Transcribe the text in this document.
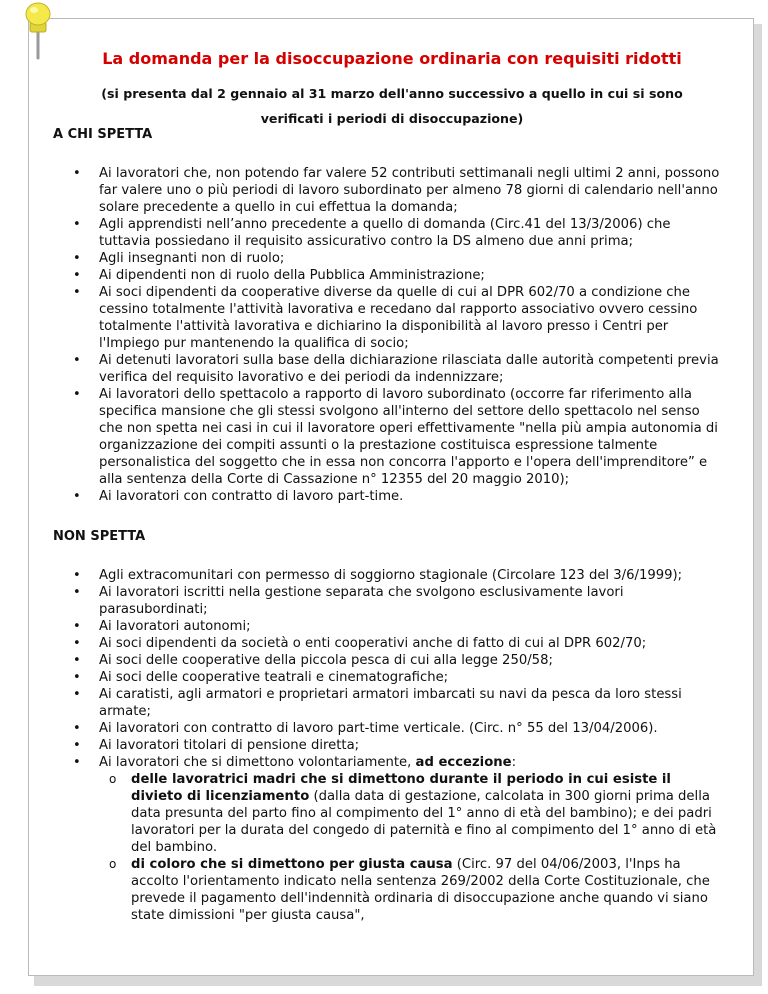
La domanda per la disoccupazione ordinaria con requisiti ridotti
(si presenta dal 2 gennaio al 31 marzo dell'anno successivo a quello in cui si sono
verificati i periodi di disoccupazione)
A CHI SPETTA
• Ai lavoratori che, non potendo far valere 52 contributi settimanali negli ultimi 2 anni, possono far valere uno o più periodi di lavoro subordinato per almeno 78 giorni di calendario nell'anno solare precedente a quello in cui effettua la domanda;
• Agli apprendisti nell’anno precedente a quello di domanda (Circ.41 del 13/3/2006) che tuttavia possiedano il requisito assicurativo contro la DS almeno due anni prima;
• Agli insegnanti non di ruolo;
• Ai dipendenti non di ruolo della Pubblica Amministrazione;
• Ai soci dipendenti da cooperative diverse da quelle di cui al DPR 602/70 a condizione che cessino totalmente l'attività lavorativa e recedano dal rapporto associativo ovvero cessino totalmente l'attività lavorativa e dichiarino la disponibilità al lavoro presso i Centri per l'Impiego pur mantenendo la qualifica di socio;
• Ai detenuti lavoratori sulla base della dichiarazione rilasciata dalle autorità competenti previa verifica del requisito lavorativo e dei periodi da indennizzare;
• Ai lavoratori dello spettacolo a rapporto di lavoro subordinato (occorre far riferimento alla specifica mansione che gli stessi svolgono all'interno del settore dello spettacolo nel senso che non spetta nei casi in cui il lavoratore operi effettivamente "nella più ampia autonomia di organizzazione dei compiti assunti o la prestazione costituisca espressione talmente personalistica del soggetto che in essa non concorra l'apporto e l'opera dell'imprenditore” e alla sentenza della Corte di Cassazione n° 12355 del 20 maggio 2010);
• Ai lavoratori con contratto di lavoro part-time.
NON SPETTA
• Agli extracomunitari con permesso di soggiorno stagionale (Circolare 123 del 3/6/1999);
• Ai lavoratori iscritti nella gestione separata che svolgono esclusivamente lavori parasubordinati;
• Ai lavoratori autonomi;
• Ai soci dipendenti da società o enti cooperativi anche di fatto di cui al DPR 602/70;
• Ai soci delle cooperative della piccola pesca di cui alla legge 250/58;
• Ai soci delle cooperative teatrali e cinematografiche;
• Ai caratisti, agli armatori e proprietari armatori imbarcati su navi da pesca da loro stessi armate;
• Ai lavoratori con contratto di lavoro part-time verticale. (Circ. n° 55 del 13/04/2006).
• Ai lavoratori titolari di pensione diretta;
• Ai lavoratori che si dimettono volontariamente, ad eccezione:
o delle lavoratrici madri che si dimettono durante il periodo in cui esiste il divieto di licenziamento (dalla data di gestazione, calcolata in 300 giorni prima della data presunta del parto fino al compimento del 1° anno di età del bambino); e dei padri lavoratori per la durata del congedo di paternità e fino al compimento del 1° anno di età del bambino.
o di coloro che si dimettono per giusta causa (Circ. 97 del 04/06/2003, l'Inps ha accolto l'orientamento indicato nella sentenza 269/2002 della Corte Costituzionale, che prevede il pagamento dell'indennità ordinaria di disoccupazione anche quando vi siano state dimissioni "per giusta causa",
